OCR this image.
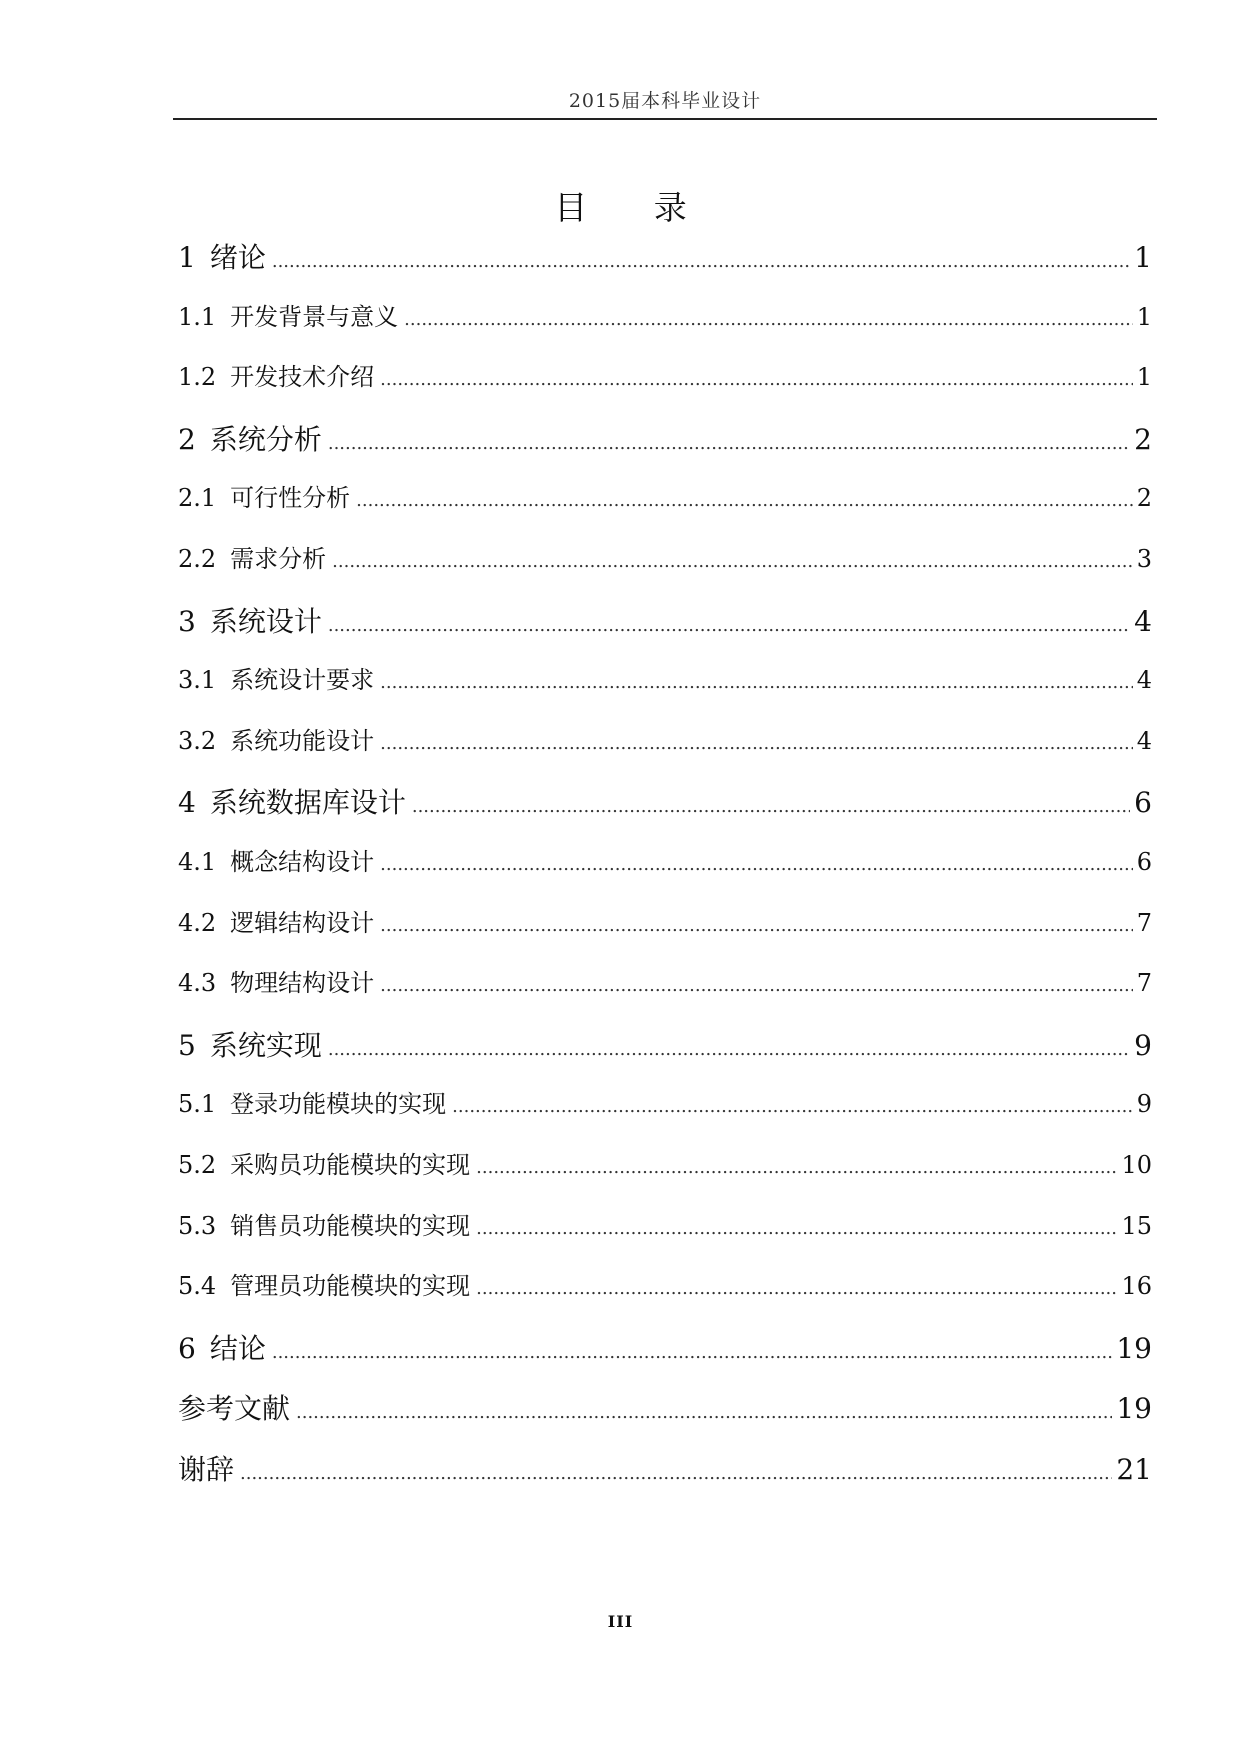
2015届本科毕业设计
目 录
1 绪论 .....	1
1.1 开发背景与意义 .....	1
1.2 开发技术介绍 .....	1
2 系统分析 .....	2
2.1 可行性分析 .....	2
2.2 需求分析 .....	3
3 系统设计 .....	4
3.1 系统设计要求 .....	4
3.2 系统功能设计 .....	4
4 系统数据库设计 .....	6
4.1 概念结构设计 .....	6
4.2 逻辑结构设计 .....	7
4.3 物理结构设计 .....	7
5 系统实现 .....	9
5.1 登录功能模块的实现 .....	9
5.2 采购员功能模块的实现 .....	10
5.3 销售员功能模块的实现 .....	15
5.4 管理员功能模块的实现 .....	16
6 结论 .....	19
参考文献 .....	19
谢辞 .....	21
III
